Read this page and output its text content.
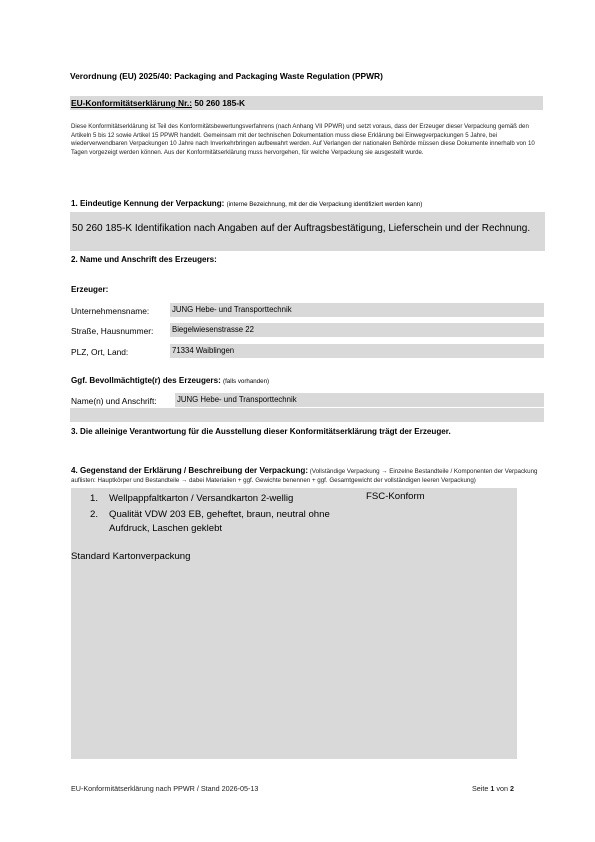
Verordnung (EU) 2025/40: Packaging and Packaging Waste Regulation (PPWR)
EU-Konformitätserklärung Nr.: 50 260 185-K
Diese Konformitätserklärung ist Teil des Konformitätsbewertungsverfahrens (nach Anhang VII PPWR) und setzt voraus, dass der Erzeuger dieser Verpackung gemäß den Artikeln 5 bis 12 sowie Artikel 15 PPWR handelt. Gemeinsam mit der technischen Dokumentation muss diese Erklärung bei Einwegverpackungen 5 Jahre, bei wiederverwendbaren Verpackungen 10 Jahre nach Inverkehrbringen aufbewahrt werden. Auf Verlangen der nationalen Behörde müssen diese Dokumente innerhalb von 10 Tagen vorgezeigt werden können. Aus der Konformitätserklärung muss hervorgehen, für welche Verpackung sie ausgestellt wurde.
1. Eindeutige Kennung der Verpackung: (interne Bezeichnung, mit der die Verpackung identifiziert werden kann)
50 260 185-K Identifikation nach Angaben auf der Auftragsbestätigung, Lieferschein und der Rechnung.
2. Name und Anschrift des Erzeugers:
Erzeuger:
Unternehmensname:	JUNG Hebe- und Transporttechnik
Straße, Hausnummer: Biegelwiesenstrasse 22
PLZ, Ort, Land:	71334 Waiblingen
Ggf. Bevollmächtigte(r) des Erzeugers: (falls vorhanden)
Name(n) und Anschrift:	JUNG Hebe- und Transporttechnik
3. Die alleinige Verantwortung für die Ausstellung dieser Konformitätserklärung trägt der Erzeuger.
4. Gegenstand der Erklärung / Beschreibung der Verpackung: (Vollständige Verpackung → Einzelne Bestandteile / Komponenten der Verpackung auflisten: Hauptkörper und Bestandteile → dabei Materialien + ggf. Gewichte benennen + ggf. Gesamtgewicht der vollständigen leeren Verpackung)
1. Wellpappfaltkarton / Versandkarton 2-wellig
2. Qualität VDW 203 EB, geheftet, braun, neutral ohne
Aufdruck, Laschen geklebt
FSC-Konform
Standard Kartonverpackung
EU-Konformitätserklärung nach PPWR / Stand 2026-05-13	Seite 1 von 2
